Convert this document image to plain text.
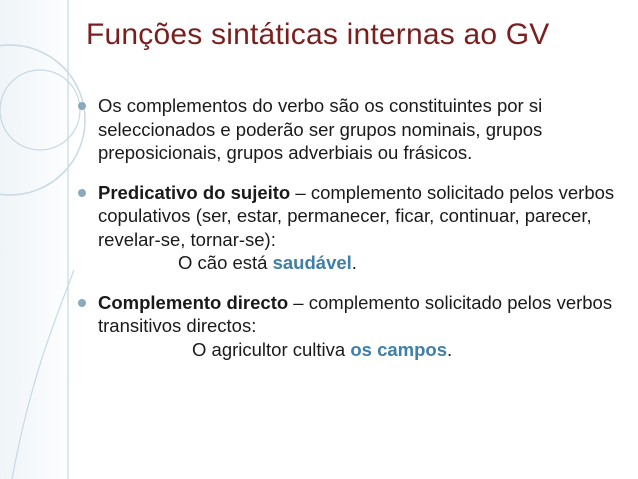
Funções sintáticas internas ao GV
Os complementos do verbo são os constituintes por si seleccionados e poderão ser grupos nominais, grupos preposicionais, grupos adverbiais ou frásicos.
Predicativo do sujeito – complemento solicitado pelos verbos copulativos (ser, estar, permanecer, ficar, continuar, parecer, revelar-se, tornar-se):
O cão está saudável.
Complemento directo – complemento solicitado pelos verbos transitivos directos:
O agricultor cultiva os campos.
